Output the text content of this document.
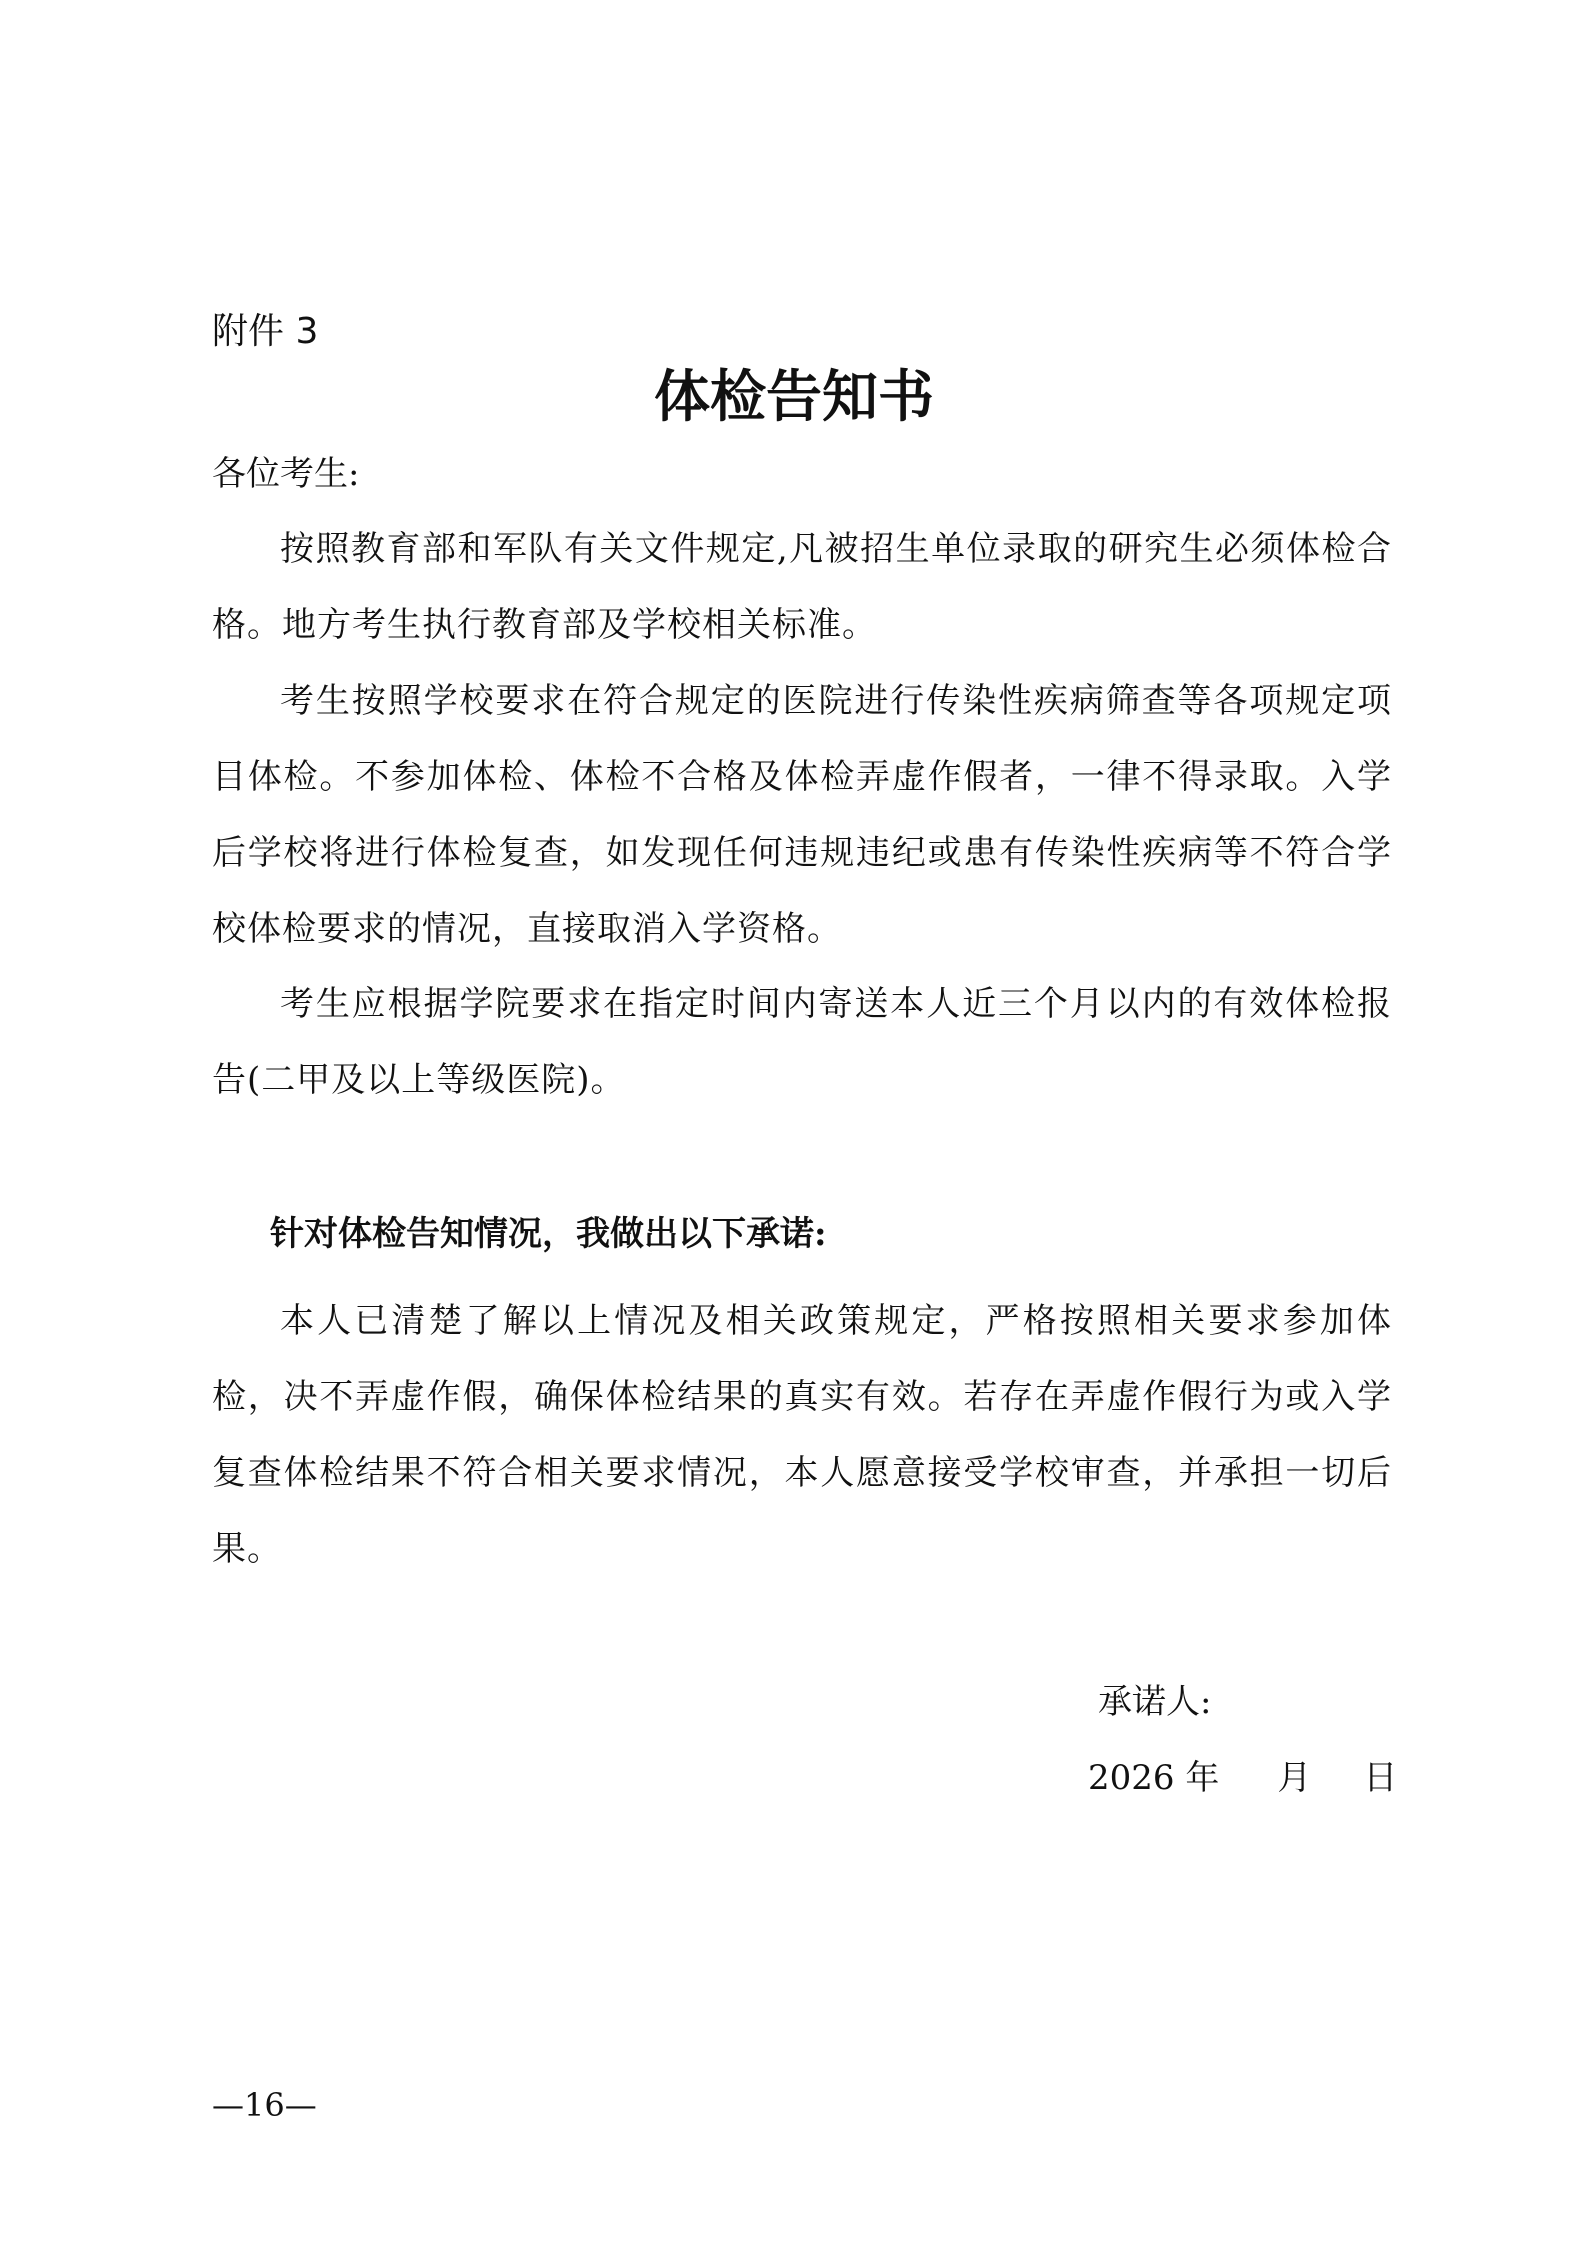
附件 3
体检告知书
各位考生:
按照教育部和军队有关文件规定,凡被招生单位录取的研究生必须体检合格。地方考生执行教育部及学校相关标准。
考生按照学校要求在符合规定的医院进行传染性疾病筛查等各项规定项目体检。不参加体检、体检不合格及体检弄虚作假者，一律不得录取。入学后学校将进行体检复查，如发现任何违规违纪或患有传染性疾病等不符合学校体检要求的情况，直接取消入学资格。
考生应根据学院要求在指定时间内寄送本人近三个月以内的有效体检报告(二甲及以上等级医院)。
针对体检告知情况，我做出以下承诺:
本人已清楚了解以上情况及相关政策规定，严格按照相关要求参加体检，决不弄虚作假，确保体检结果的真实有效。若存在弄虚作假行为或入学复查体检结果不符合相关要求情况，本人愿意接受学校审查，并承担一切后果。
承诺人:
2026 年 月 日
—16—
